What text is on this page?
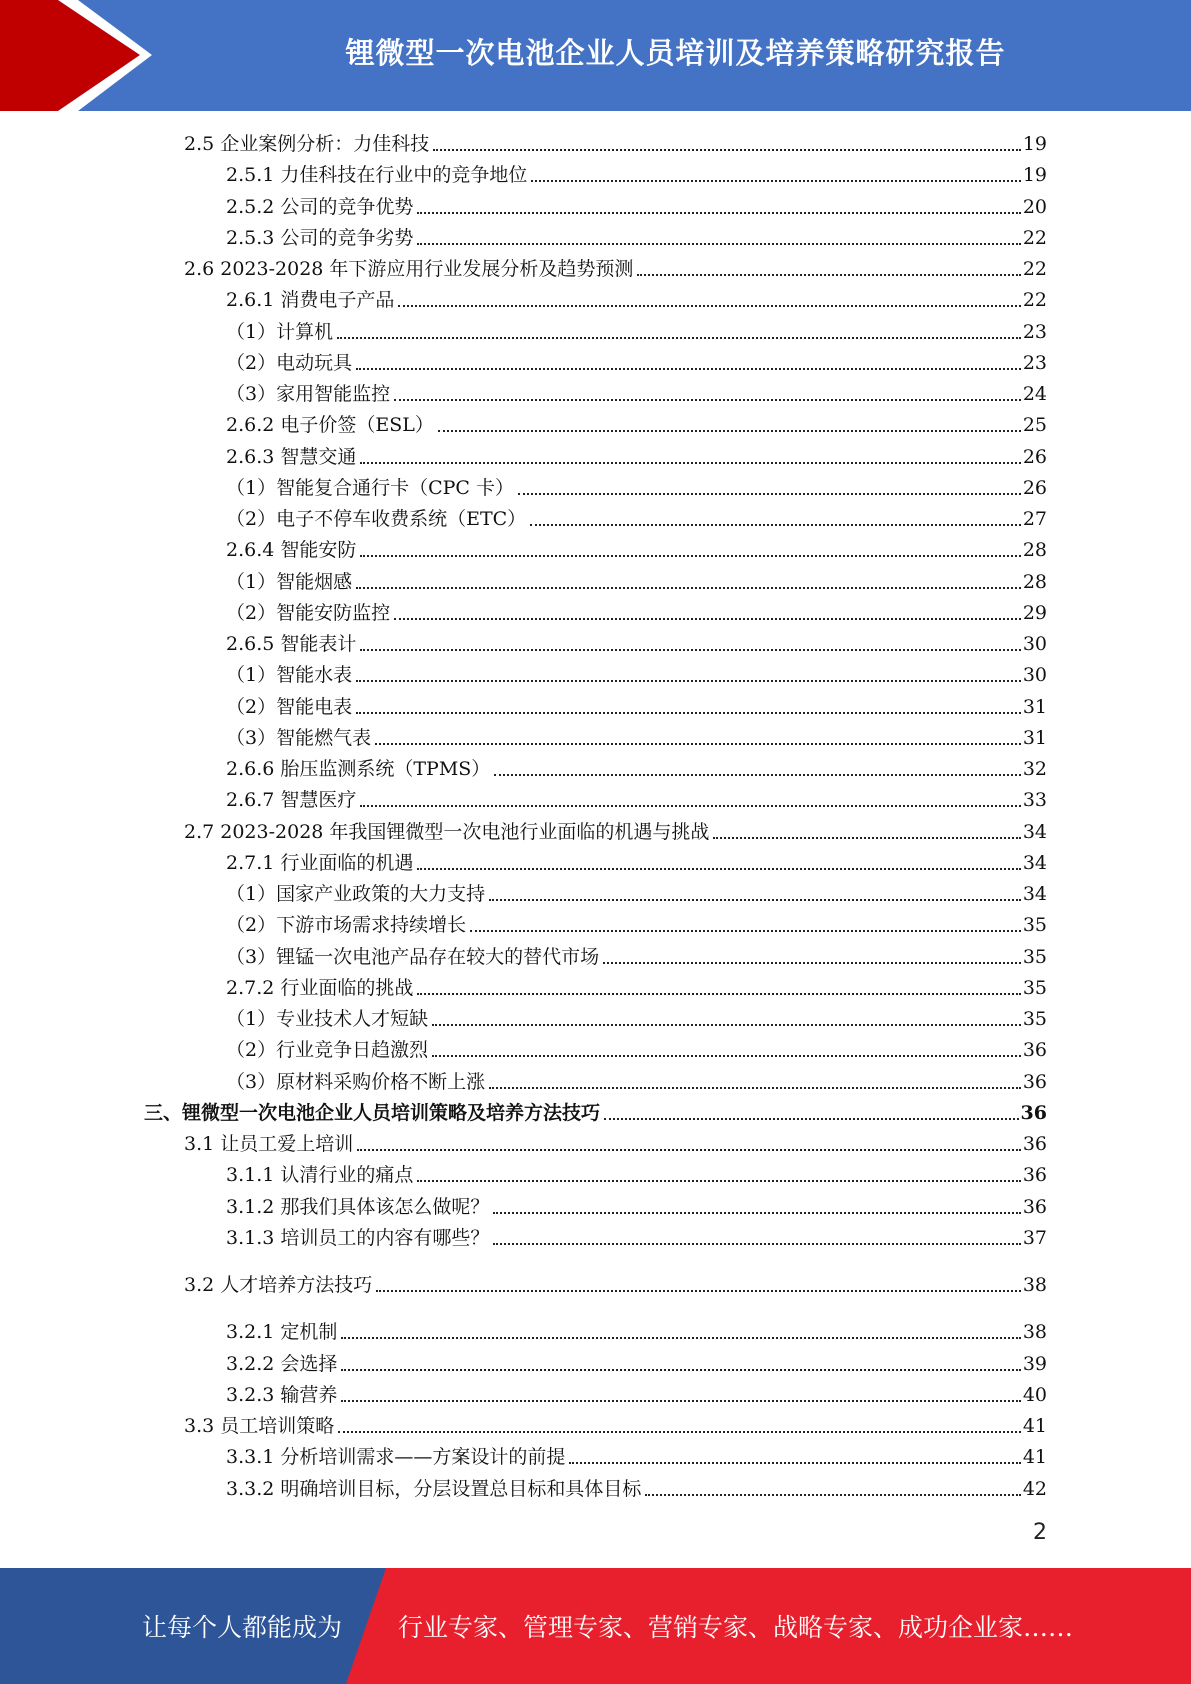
锂微型一次电池企业人员培训及培养策略研究报告
2.5 企业案例分析：力佳科技	19
2.5.1 力佳科技在行业中的竞争地位	19
2.5.2 公司的竞争优势	20
2.5.3 公司的竞争劣势	22
2.6 2023-2028 年下游应用行业发展分析及趋势预测	22
2.6.1 消费电子产品	22
（1）计算机	23
（2）电动玩具	23
（3）家用智能监控	24
2.6.2 电子价签（ESL）	25
2.6.3 智慧交通	26
（1）智能复合通行卡（CPC 卡）	26
（2）电子不停车收费系统（ETC）	27
2.6.4 智能安防	28
（1）智能烟感	28
（2）智能安防监控	29
2.6.5 智能表计	30
（1）智能水表	30
（2）智能电表	31
（3）智能燃气表	31
2.6.6 胎压监测系统（TPMS）	32
2.6.7 智慧医疗	33
2.7 2023-2028 年我国锂微型一次电池行业面临的机遇与挑战	34
2.7.1 行业面临的机遇	34
（1）国家产业政策的大力支持	34
（2）下游市场需求持续增长	35
（3）锂锰一次电池产品存在较大的替代市场	35
2.7.2 行业面临的挑战	35
（1）专业技术人才短缺	35
（2）行业竞争日趋激烈	36
（3）原材料采购价格不断上涨	36
三、锂微型一次电池企业人员培训策略及培养方法技巧	36
3.1 让员工爱上培训	36
3.1.1 认清行业的痛点	36
3.1.2 那我们具体该怎么做呢？	36
3.1.3 培训员工的内容有哪些？	37
3.2 人才培养方法技巧	38
3.2.1 定机制	38
3.2.2 会选择	39
3.2.3 输营养	40
3.3 员工培训策略	41
3.3.1 分析培训需求——方案设计的前提	41
3.3.2 明确培训目标，分层设置总目标和具体目标	42
2
让每个人都能成为 行业专家、管理专家、营销专家、战略专家、成功企业家……
